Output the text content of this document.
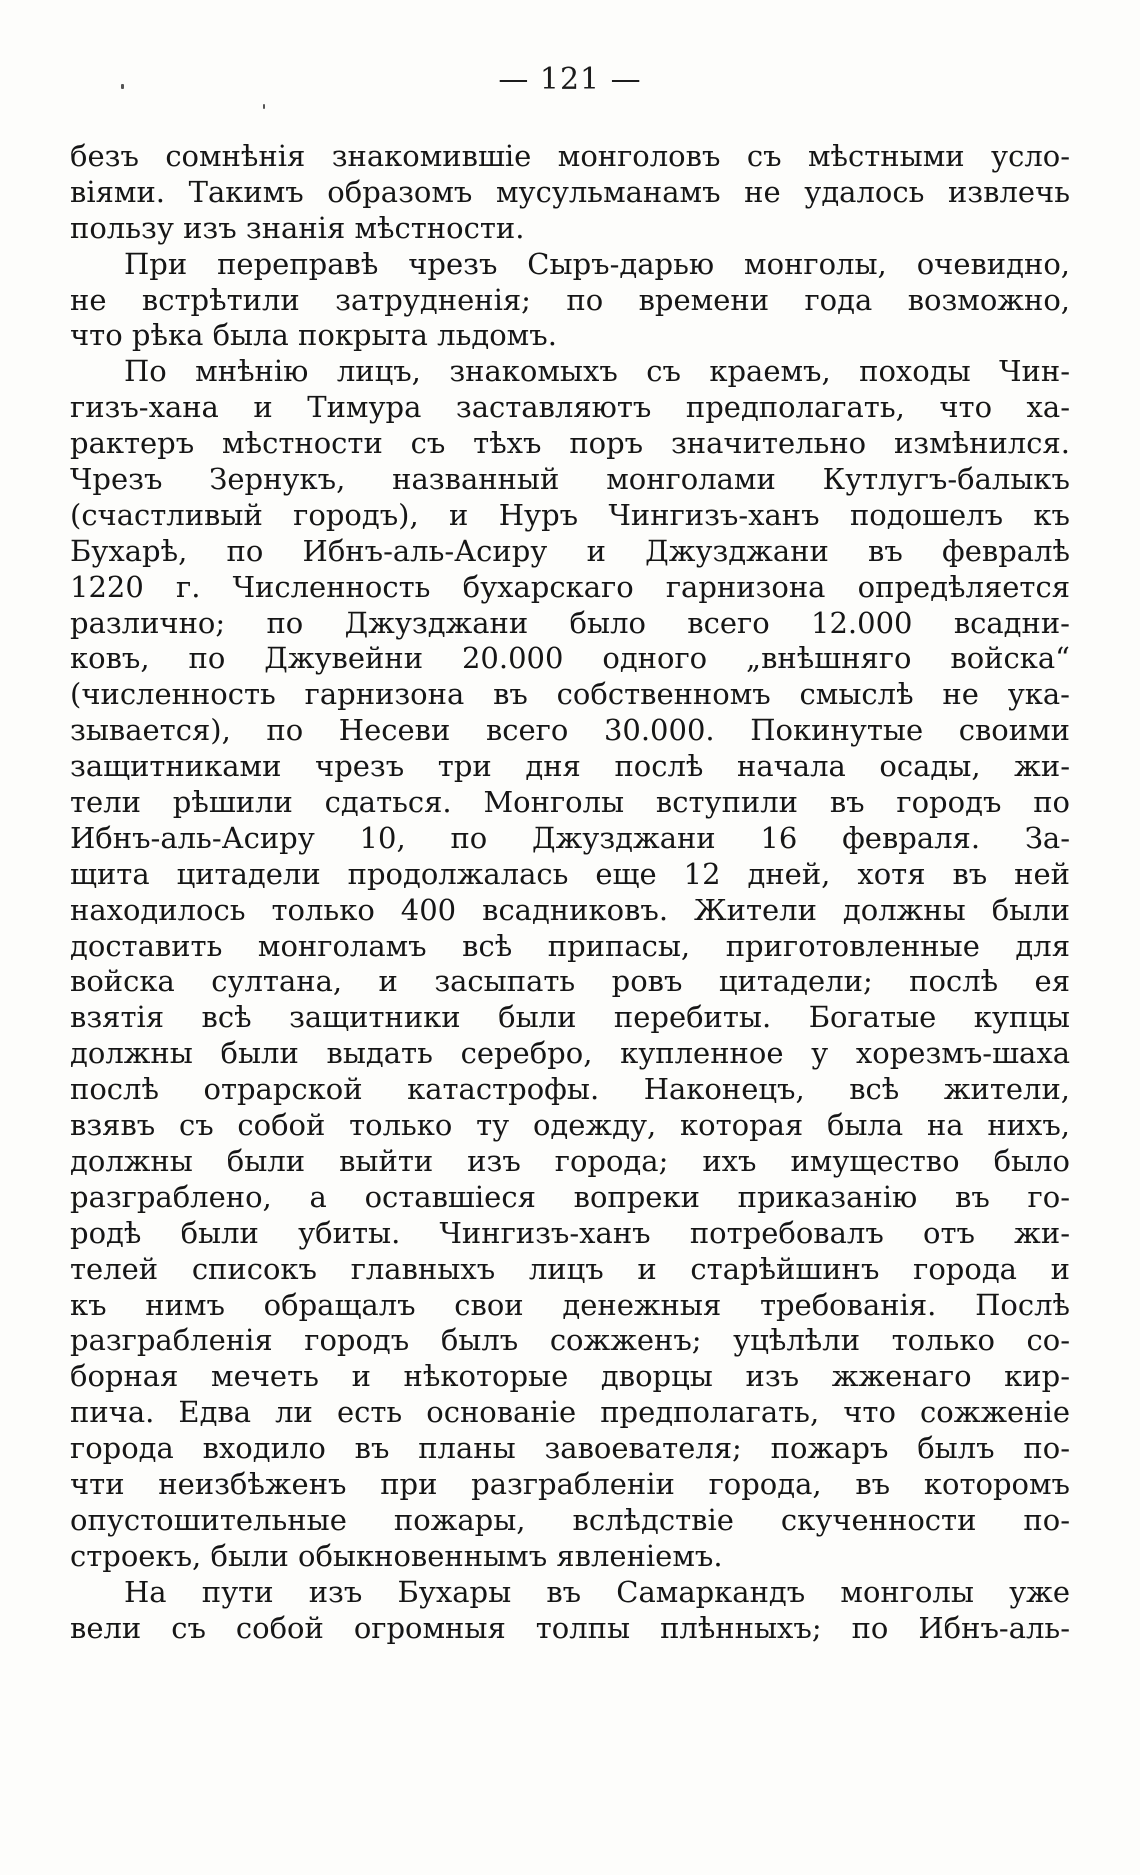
— 121 —
безъ сомнѣнія знакомившіе монголовъ съ мѣстными усло-
віями. Такимъ образомъ мусульманамъ не удалось извлечь
пользу изъ знанія мѣстности.
При переправѣ чрезъ Сыръ-дарью монголы, очевидно,
не встрѣтили затрудненія; по времени года возможно,
что рѣка была покрыта льдомъ.
По мнѣнію лицъ, знакомыхъ съ краемъ, походы Чин-
гизъ-хана и Тимура заставляютъ предполагать, что ха-
рактеръ мѣстности съ тѣхъ поръ значительно измѣнился.
Чрезъ Зернукъ, названный монголами Кутлугъ-балыкъ
(счастливый городъ), и Нуръ Чингизъ-ханъ подошелъ къ
Бухарѣ, по Ибнъ-аль-Асиру и Джузджани въ февралѣ
1220 г. Численность бухарскаго гарнизона опредѣляется
различно; по Джузджани было всего 12.000 всадни-
ковъ, по Джувейни 20.000 одного „внѣшняго войска“
(численность гарнизона въ собственномъ смыслѣ не ука-
зывается), по Несеви всего 30.000. Покинутые своими
защитниками чрезъ три дня послѣ начала осады, жи-
тели рѣшили сдаться. Монголы вступили въ городъ по
Ибнъ-аль-Асиру 10, по Джузджани 16 февраля. За-
щита цитадели продолжалась еще 12 дней, хотя въ ней
находилось только 400 всадниковъ. Жители должны были
доставить монголамъ всѣ припасы, приготовленные для
войска султана, и засыпать ровъ цитадели; послѣ ея
взятія всѣ защитники были перебиты. Богатые купцы
должны были выдать серебро, купленное у хорезмъ-шаха
послѣ отрарской катастрофы. Наконецъ, всѣ жители,
взявъ съ собой только ту одежду, которая была на нихъ,
должны были выйти изъ города; ихъ имущество было
разграблено, а оставшіеся вопреки приказанію въ го-
родѣ были убиты. Чингизъ-ханъ потребовалъ отъ жи-
телей списокъ главныхъ лицъ и старѣйшинъ города и
къ нимъ обращалъ свои денежныя требованія. Послѣ
разграбленія городъ былъ сожженъ; уцѣлѣли только со-
борная мечеть и нѣкоторые дворцы изъ жженаго кир-
пича. Едва ли есть основаніе предполагать, что сожженіе
города входило въ планы завоевателя; пожаръ былъ по-
чти неизбѣженъ при разграбленіи города, въ которомъ
опустошительные пожары, вслѣдствіе скученности по-
строекъ, были обыкновеннымъ явленіемъ.
На пути изъ Бухары въ Самаркандъ монголы уже
вели съ собой огромныя толпы плѣнныхъ; по Ибнъ-аль-
